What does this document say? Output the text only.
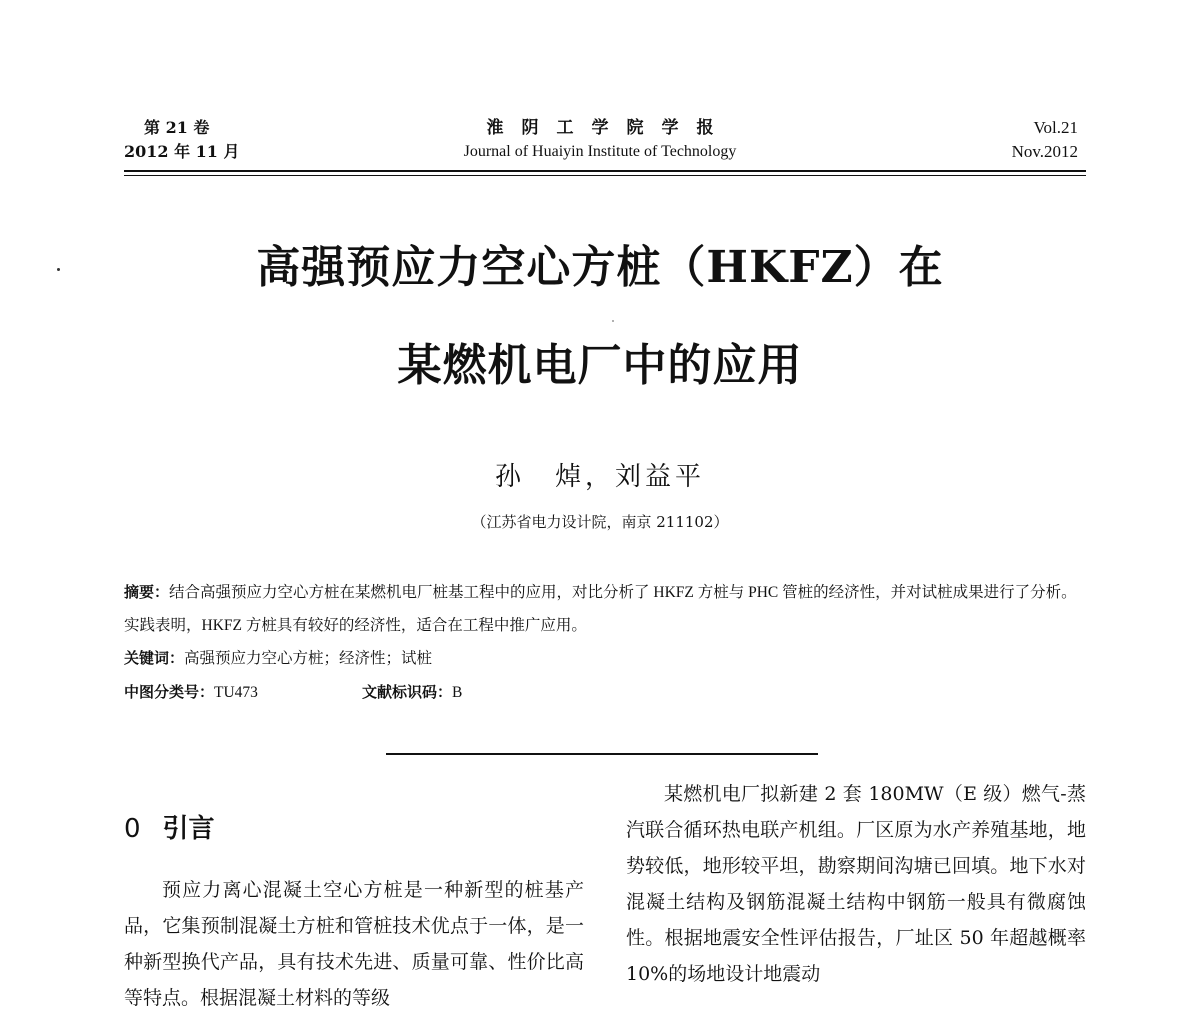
第 21 卷
2012 年 11 月
淮阴工学院学报
Journal of Huaiyin Institute of Technology
Vol.21
Nov.2012
高强预应力空心方桩（HKFZ）在
某燃机电厂中的应用
孙　焯，刘益平
（江苏省电力设计院，南京 211102）
摘要：结合高强预应力空心方桩在某燃机电厂桩基工程中的应用，对比分析了 HKFZ 方桩与 PHC 管桩的经济性，并对试桩成果进行了分析。实践表明，HKFZ 方桩具有较好的经济性，适合在工程中推广应用。
关键词：高强预应力空心方桩；经济性；试桩
中图分类号：TU473	文献标识码：B
0 引言
预应力离心混凝土空心方桩是一种新型的桩基产品，它集预制混凝土方桩和管桩技术优点于一体，是一种新型换代产品，具有技术先进、质量可靠、性价比高等特点。根据混凝土材料的等级
某燃机电厂拟新建 2 套 180MW（E 级）燃气-蒸汽联合循环热电联产机组。厂区原为水产养殖基地，地势较低，地形较平坦，勘察期间沟塘已回填。地下水对混凝土结构及钢筋混凝土结构中钢筋一般具有微腐蚀性。根据地震安全性评估报告，厂址区 50 年超越概率 10%的场地设计地震动
